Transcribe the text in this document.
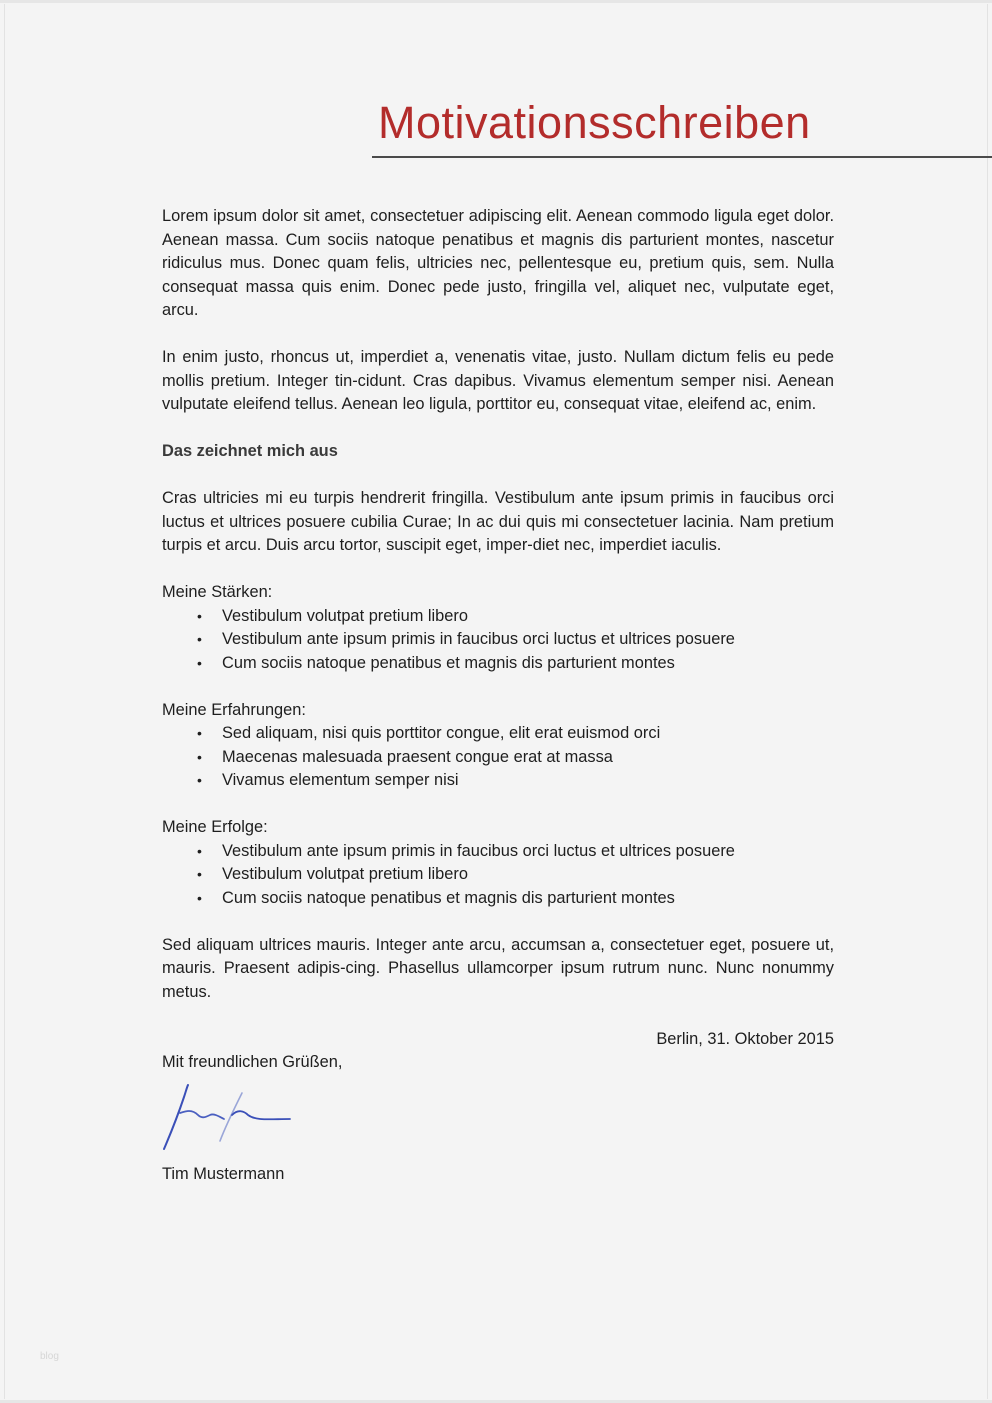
Motivationsschreiben

Lorem ipsum dolor sit amet, consectetuer adipiscing elit. Aenean commodo ligula eget dolor. Aenean massa. Cum sociis natoque penatibus et magnis dis parturient montes, nascetur ridiculus mus. Donec quam felis, ultricies nec, pellentesque eu, pretium quis, sem. Nulla consequat massa quis enim. Donec pede justo, fringilla vel, aliquet nec, vulputate eget, arcu.

In enim justo, rhoncus ut, imperdiet a, venenatis vitae, justo. Nullam dictum felis eu pede mollis pretium. Integer tin-cidunt. Cras dapibus. Vivamus elementum semper nisi. Aenean vulputate eleifend tellus. Aenean leo ligula, porttitor eu, consequat vitae, eleifend ac, enim.

Das zeichnet mich aus

Cras ultricies mi eu turpis hendrerit fringilla. Vestibulum ante ipsum primis in faucibus orci luctus et ultrices posuere cubilia Curae; In ac dui quis mi consectetuer lacinia. Nam pretium turpis et arcu. Duis arcu tortor, suscipit eget, imper-diet nec, imperdiet iaculis.

Meine Stärken:

• Vestibulum volutpat pretium libero
• Vestibulum ante ipsum primis in faucibus orci luctus et ultrices posuere
• Cum sociis natoque penatibus et magnis dis parturient montes

Meine Erfahrungen:

• Sed aliquam, nisi quis porttitor congue, elit erat euismod orci
• Maecenas malesuada praesent congue erat at massa
• Vivamus elementum semper nisi

Meine Erfolge:

• Vestibulum ante ipsum primis in faucibus orci luctus et ultrices posuere
• Vestibulum volutpat pretium libero
• Cum sociis natoque penatibus et magnis dis parturient montes

Sed aliquam ultrices mauris. Integer ante arcu, accumsan a, consectetuer eget, posuere ut, mauris. Praesent adipis-cing. Phasellus ullamcorper ipsum rutrum nunc. Nunc nonummy metus.

Berlin, 31. Oktober 2015

Mit freundlichen Grüßen,

Tim Mustermann

blog
